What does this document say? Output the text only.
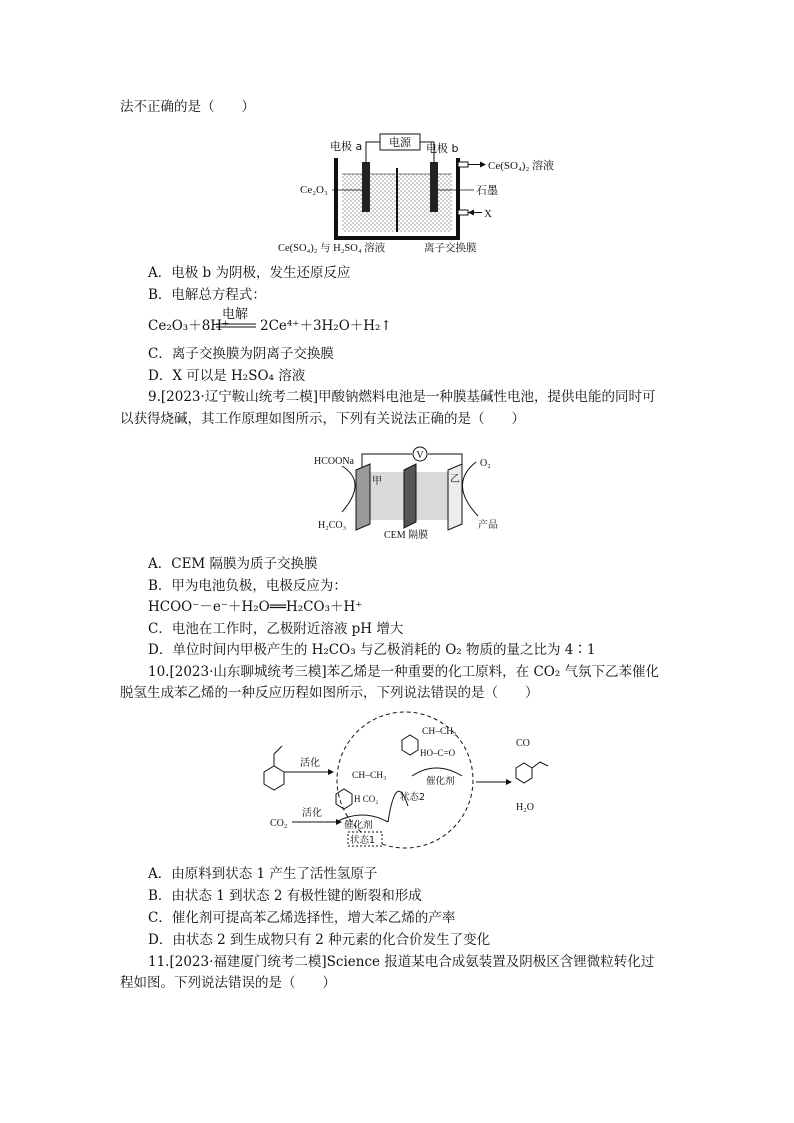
法不正确的是（　　）
电源
电极 a	电极 b
Ce(SO₄)₂ 溶液
X
Ce₂O₃	石墨
Ce(SO₄)₂ 与 H₂SO₄ 溶液	离子交换膜
A．电极 b 为阴极，发生还原反应
B．电解总方程式：
Ce₂O₃＋8H⁺
电解
2Ce⁴⁺＋3H₂O＋H₂↑
C．离子交换膜为阴离子交换膜
D．X 可以是 H₂SO₄ 溶液
9.[2023·辽宁鞍山统考二模]甲酸钠燃料电池是一种膜基碱性电池，提供电能的同时可
以获得烧碱，其工作原理如图所示，下列有关说法正确的是（　　）
V
HCOONa
H₂CO₃
甲	乙
O₂
产品
CEM 隔膜
A．CEM 隔膜为质子交换膜
B．甲为电池负极，电极反应为：
HCOO⁻－e⁻＋H₂O══H₂CO₃＋H⁺
C．电池在工作时，乙极附近溶液 pH 增大
D．单位时间内甲极产生的 H₂CO₃ 与乙极消耗的 O₂ 物质的量之比为 4∶1
10.[2023·山东聊城统考三模]苯乙烯是一种重要的化工原料，在 CO₂ 气氛下乙苯催化
脱氢生成苯乙烯的一种反应历程如图所示，下列说法错误的是（　　）
活化
CO₂
活化
CH–CH₃
H CO₂
催化剂
状态1
CH–CH₃
HO–C=O
催化剂
状态2
CO
H₂O
A．由原料到状态 1 产生了活性氢原子
B．由状态 1 到状态 2 有极性键的断裂和形成
C．催化剂可提高苯乙烯选择性，增大苯乙烯的产率
D．由状态 2 到生成物只有 2 种元素的化合价发生了变化
11.[2023·福建厦门统考二模]Science 报道某电合成氨装置及阴极区含锂微粒转化过
程如图。下列说法错误的是（　　）
